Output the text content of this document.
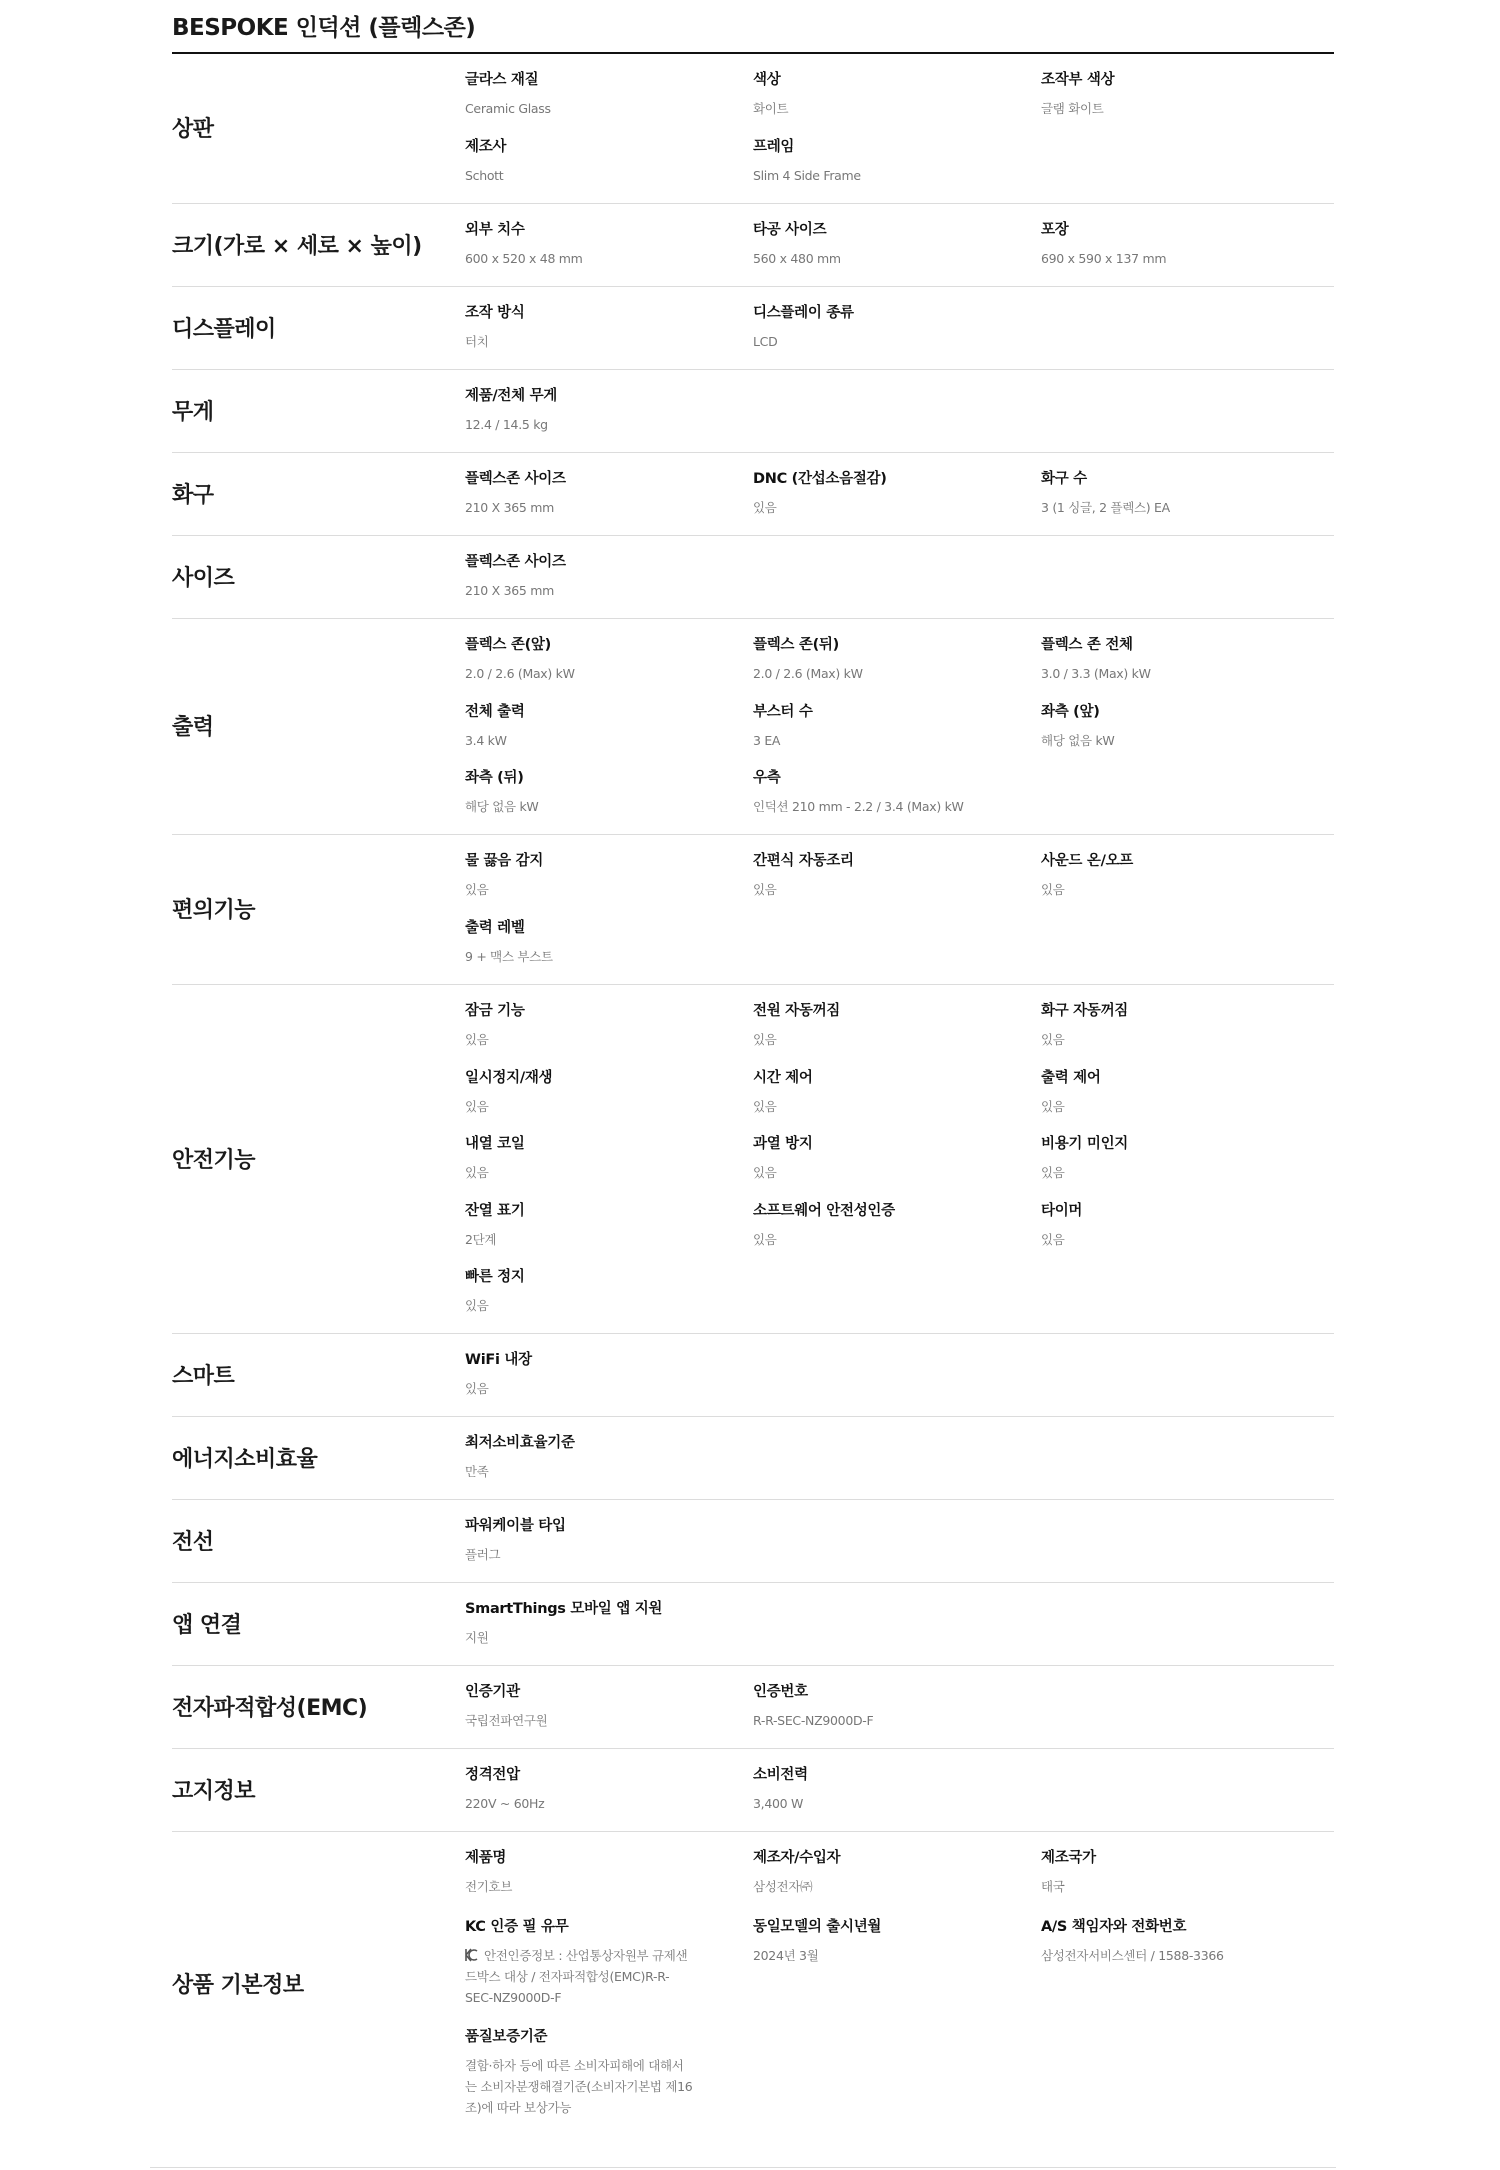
BESPOKE 인덕션 (플렉스존)
상판
글라스 재질
Ceramic Glass
색상
화이트
조작부 색상
글램 화이트
제조사
Schott
프레임
Slim 4 Side Frame
크기(가로 × 세로 × 높이)
외부 치수
600 x 520 x 48 mm
타공 사이즈
560 x 480 mm
포장
690 x 590 x 137 mm
디스플레이
조작 방식
터치
디스플레이 종류
LCD
무게
제품/전체 무게
12.4 / 14.5 kg
화구
플렉스존 사이즈
210 X 365 mm
DNC (간섭소음절감)
있음
화구 수
3 (1 싱글, 2 플렉스) EA
사이즈
플렉스존 사이즈
210 X 365 mm
출력
플렉스 존(앞)
2.0 / 2.6 (Max) kW
플렉스 존(뒤)
2.0 / 2.6 (Max) kW
플렉스 존 전체
3.0 / 3.3 (Max) kW
전체 출력
3.4 kW
부스터 수
3 EA
좌측 (앞)
해당 없음 kW
좌측 (뒤)
해당 없음 kW
우측
인덕션 210 mm - 2.2 / 3.4 (Max) kW
편의기능
물 끓음 감지
있음
간편식 자동조리
있음
사운드 온/오프
있음
출력 레벨
9 + 맥스 부스트
안전기능
잠금 기능
있음
전원 자동꺼짐
있음
화구 자동꺼짐
있음
일시정지/재생
있음
시간 제어
있음
출력 제어
있음
내열 코일
있음
과열 방지
있음
비용기 미인지
있음
잔열 표기
2단계
소프트웨어 안전성인증
있음
타이머
있음
빠른 정지
있음
스마트
WiFi 내장
있음
에너지소비효율
최저소비효율기준
만족
전선
파워케이블 타입
플러그
앱 연결
SmartThings 모바일 앱 지원
지원
전자파적합성(EMC)
인증기관
국립전파연구원
인증번호
R-R-SEC-NZ9000D-F
고지정보
정격전압
220V ~ 60Hz
소비전력
3,400 W
상품 기본정보
제품명
전기호브
제조자/수입자
삼성전자㈜
제조국가
태국
KC 인증 필 유무
안전인증정보 : 산업통상자원부 규제샌드박스 대상 / 전자파적합성(EMC)R-R-SEC-NZ9000D-F
동일모델의 출시년월
2024년 3월
A/S 책임자와 전화번호
삼성전자서비스센터 / 1588-3366
품질보증기준
결함·하자 등에 따른 소비자피해에 대해서는 소비자분쟁해결기준(소비자기본법 제16조)에 따라 보상가능
